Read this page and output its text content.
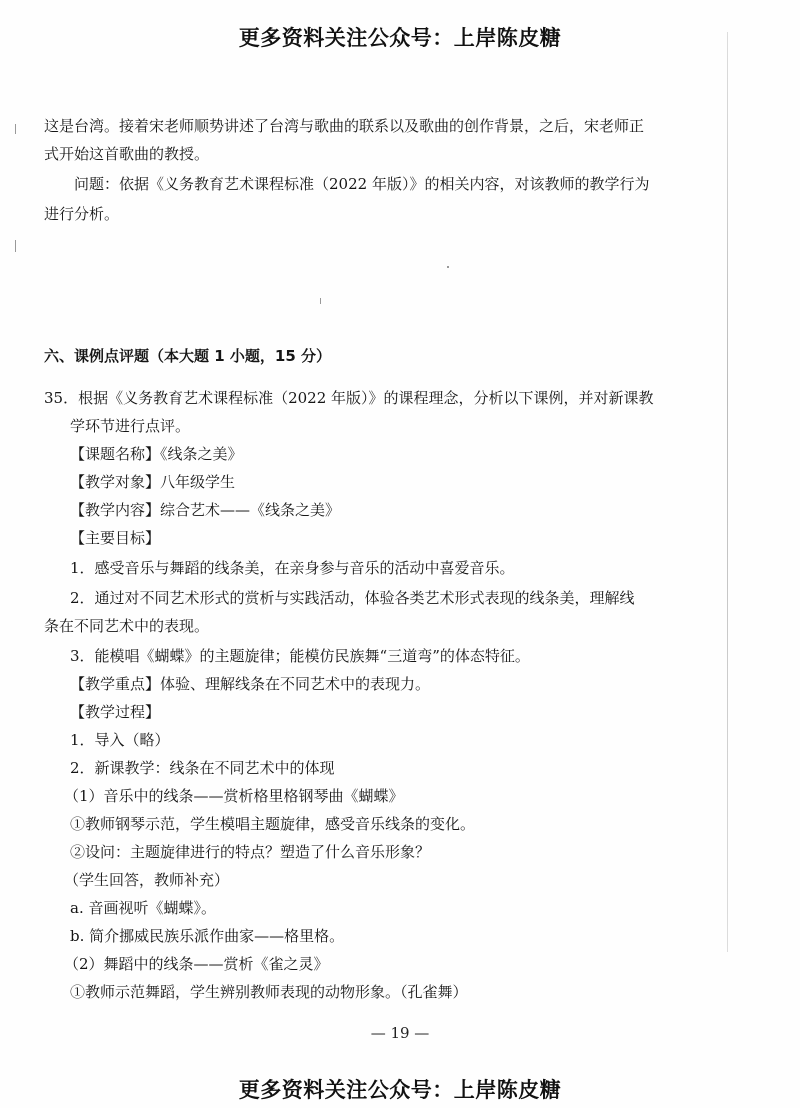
更多资料关注公众号：上岸陈皮糖
这是台湾。接着宋老师顺势讲述了台湾与歌曲的联系以及歌曲的创作背景，之后，宋老师正
式开始这首歌曲的教授。
问题：依据《义务教育艺术课程标准（2022 年版）》的相关内容，对该教师的教学行为
进行分析。
六、课例点评题（本大题 1 小题，15 分）
35．根据《义务教育艺术课程标准（2022 年版）》的课程理念，分析以下课例，并对新课教
学环节进行点评。
【课题名称】《线条之美》
【教学对象】八年级学生
【教学内容】综合艺术——《线条之美》
【主要目标】
1．感受音乐与舞蹈的线条美，在亲身参与音乐的活动中喜爱音乐。
2．通过对不同艺术形式的赏析与实践活动，体验各类艺术形式表现的线条美，理解线
条在不同艺术中的表现。
3．能模唱《蝴蝶》的主题旋律；能模仿民族舞“三道弯”的体态特征。
【教学重点】体验、理解线条在不同艺术中的表现力。
【教学过程】
1．导入（略）
2．新课教学：线条在不同艺术中的体现
（1）音乐中的线条——赏析格里格钢琴曲《蝴蝶》
①教师钢琴示范，学生模唱主题旋律，感受音乐线条的变化。
②设问：主题旋律进行的特点？塑造了什么音乐形象？
（学生回答，教师补充）
a. 音画视听《蝴蝶》。
b. 简介挪威民族乐派作曲家——格里格。
（2）舞蹈中的线条——赏析《雀之灵》
①教师示范舞蹈，学生辨别教师表现的动物形象。（孔雀舞）
— 19 —
更多资料关注公众号：上岸陈皮糖
